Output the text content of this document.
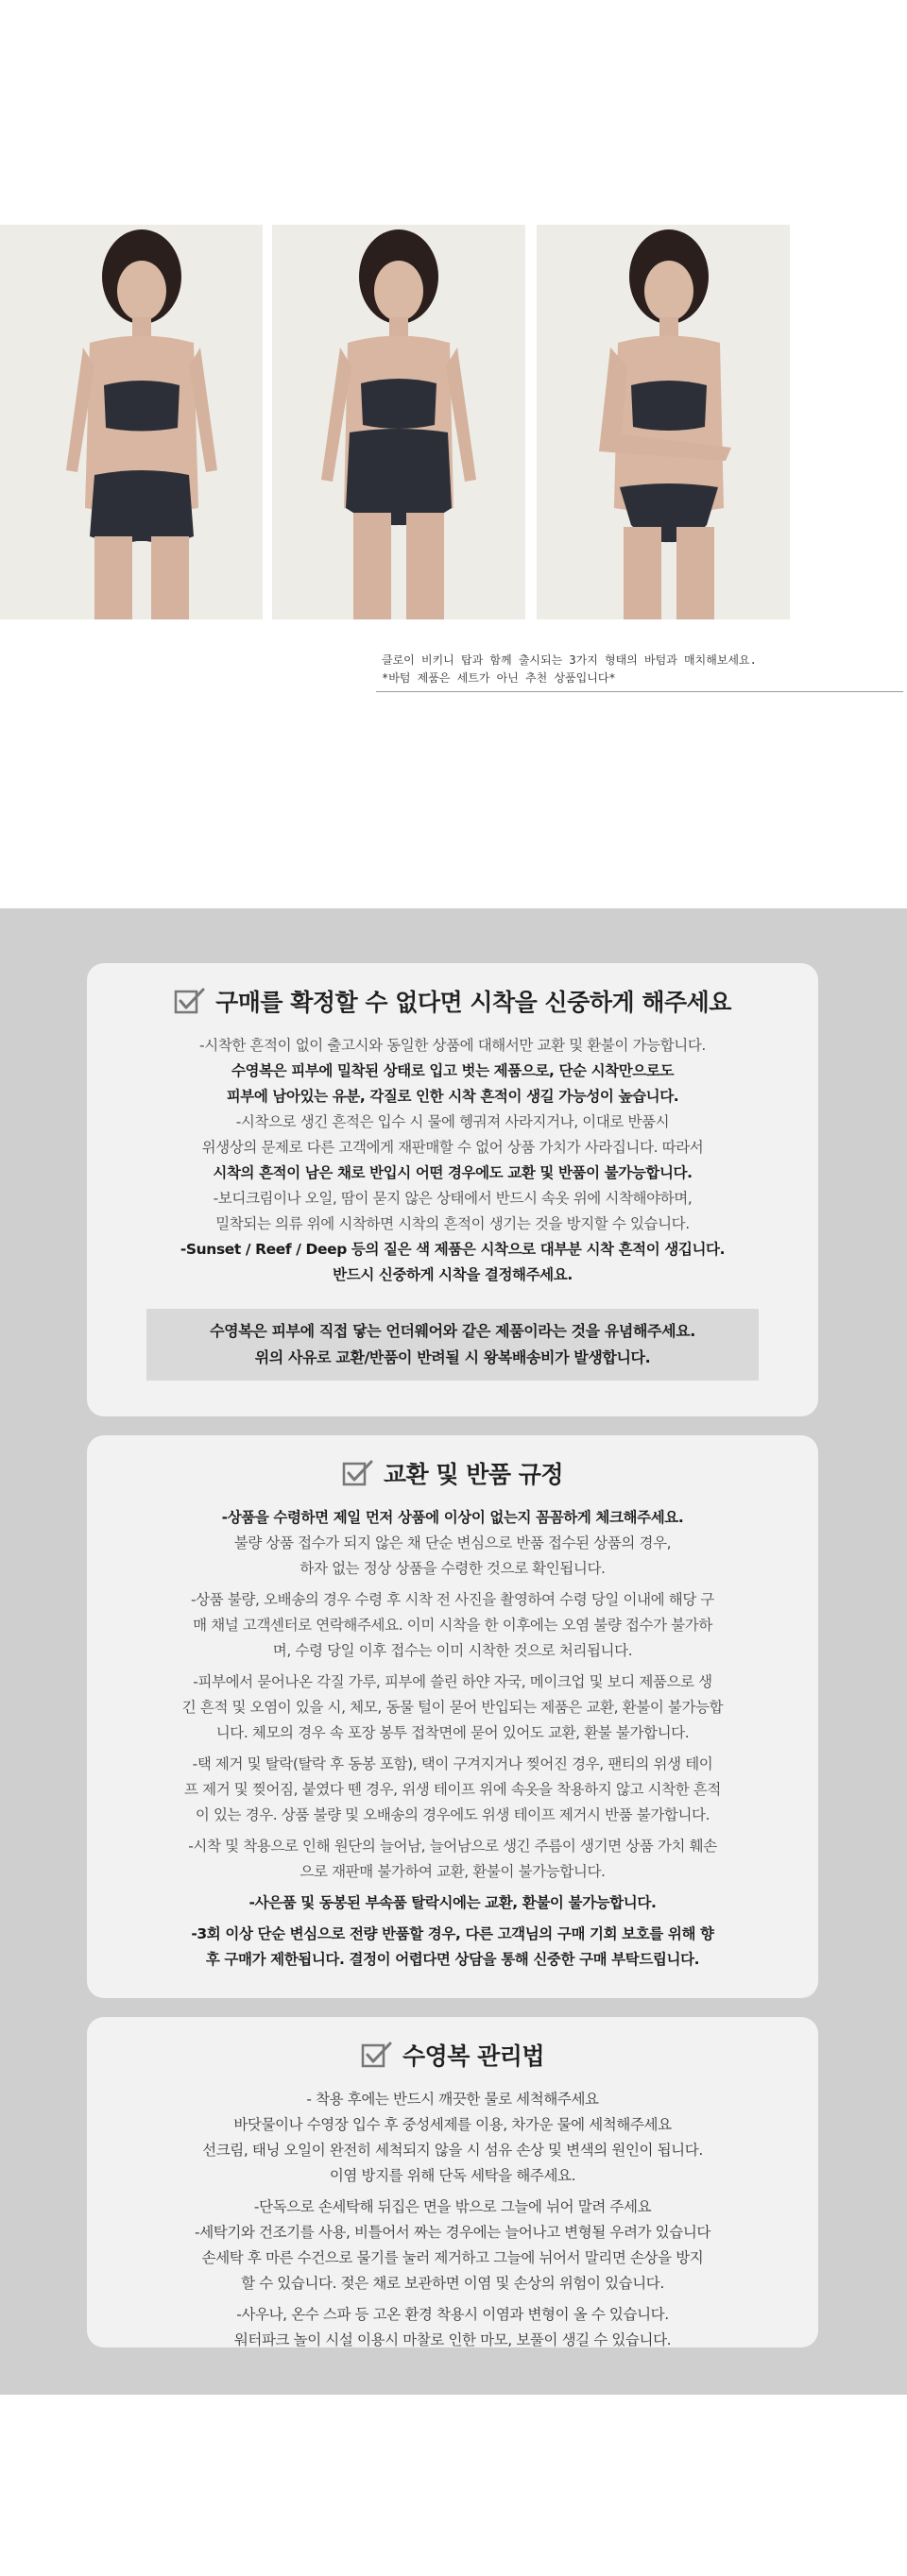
클로이 비키니 탑과 함께 출시되는 3가지 형태의 바텀과 매치해보세요.
*바텀 제품은 세트가 아닌 추천 상품입니다*
구매를 확정할 수 없다면 시착을 신중하게 해주세요

-시착한 흔적이 없이 출고시와 동일한 상품에 대해서만 교환 및 환불이 가능합니다.

수영복은 피부에 밀착된 상태로 입고 벗는 제품으로, 단순 시착만으로도

피부에 남아있는 유분, 각질로 인한 시착 흔적이 생길 가능성이 높습니다.

-시착으로 생긴 흔적은 입수 시 물에 헹궈져 사라지거나, 이대로 반품시

위생상의 문제로 다른 고객에게 재판매할 수 없어 상품 가치가 사라집니다. 따라서

시착의 흔적이 남은 채로 반입시 어떤 경우에도 교환 및 반품이 불가능합니다.

-보디크림이나 오일, 땀이 묻지 않은 상태에서 반드시 속옷 위에 시착해야하며,

밀착되는 의류 위에 시착하면 시착의 흔적이 생기는 것을 방지할 수 있습니다.

-Sunset / Reef / Deep 등의 짙은 색 제품은 시착으로 대부분 시착 흔적이 생깁니다.

반드시 신중하게 시착을 결정해주세요.

수영복은 피부에 직접 닿는 언더웨어와 같은 제품이라는 것을 유념해주세요.
위의 사유로 교환/반품이 반려될 시 왕복배송비가 발생합니다.
교환 및 반품 규정

-상품을 수령하면 제일 먼저 상품에 이상이 없는지 꼼꼼하게 체크해주세요.

불량 상품 접수가 되지 않은 채 단순 변심으로 반품 접수된 상품의 경우,

하자 없는 정상 상품을 수령한 것으로 확인됩니다.

-상품 불량, 오배송의 경우 수령 후 시착 전 사진을 촬영하여 수령 당일 이내에 해당 구

매 채널 고객센터로 연락해주세요. 이미 시착을 한 이후에는 오염 불량 접수가 불가하

며, 수령 당일 이후 접수는 이미 시착한 것으로 처리됩니다.

-피부에서 묻어나온 각질 가루, 피부에 쓸린 하얀 자국, 메이크업 및 보디 제품으로 생

긴 흔적 및 오염이 있을 시, 체모, 동물 털이 묻어 반입되는 제품은 교환, 환불이 불가능합

니다. 체모의 경우 속 포장 봉투 접착면에 묻어 있어도 교환, 환불 불가합니다.

-택 제거 및 탈락(탈락 후 동봉 포함), 택이 구겨지거나 찢어진 경우, 팬티의 위생 테이

프 제거 및 찢어짐, 붙였다 뗀 경우, 위생 테이프 위에 속옷을 착용하지 않고 시착한 흔적

이 있는 경우. 상품 불량 및 오배송의 경우에도 위생 테이프 제거시 반품 불가합니다.

-시착 및 착용으로 인해 원단의 늘어남, 늘어남으로 생긴 주름이 생기면 상품 가치 훼손

으로 재판매 불가하여 교환, 환불이 불가능합니다.

-사은품 및 동봉된 부속품 탈락시에는 교환, 환불이 불가능합니다.

-3회 이상 단순 변심으로 전량 반품할 경우, 다른 고객님의 구매 기회 보호를 위해 향

후 구매가 제한됩니다. 결정이 어렵다면 상담을 통해 신중한 구매 부탁드립니다.

수영복 관리법

- 착용 후에는 반드시 깨끗한 물로 세척해주세요

바닷물이나 수영장 입수 후 중성세제를 이용, 차가운 물에 세척해주세요

선크림, 태닝 오일이 완전히 세척되지 않을 시 섬유 손상 및 변색의 원인이 됩니다.

이염 방지를 위해 단독 세탁을 해주세요.

-단독으로 손세탁해 뒤집은 면을 밖으로 그늘에 뉘어 말려 주세요

-세탁기와 건조기를 사용, 비틀어서 짜는 경우에는 늘어나고 변형될 우려가 있습니다

손세탁 후 마른 수건으로 물기를 눌러 제거하고 그늘에 뉘어서 말리면 손상을 방지

할 수 있습니다. 젖은 채로 보관하면 이염 및 손상의 위험이 있습니다.

-사우나, 온수 스파 등 고온 환경 착용시 이염과 변형이 올 수 있습니다.

워터파크 놀이 시설 이용시 마찰로 인한 마모, 보풀이 생길 수 있습니다.
